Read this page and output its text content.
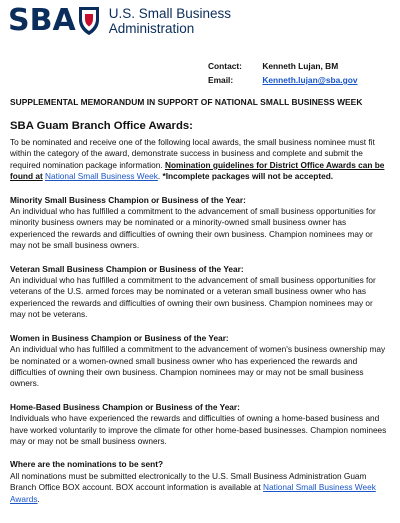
SBA U.S. Small Business
Administration
Contact: Kenneth Lujan, BM
Email:	Kenneth.lujan@sba.gov
SUPPLEMENTAL MEMORANDUM IN SUPPORT OF NATIONAL SMALL BUSINESS WEEK
SBA Guam Branch Office Awards:

To be nominated and receive one of the following local awards, the small business nominee must fit within the category of the award, demonstrate success in business and complete and submit the required nomination package information. Nomination guidelines for District Office Awards can be found at National Small Business Week. *Incomplete packages will not be accepted.

Minority Small Business Champion or Business of the Year:

An individual who has fulfilled a commitment to the advancement of small business opportunities for minority business owners may be nominated or a minority-owned small business owner has experienced the rewards and difficulties of owning their own business. Champion nominees may or may not be small business owners.

Veteran Small Business Champion or Business of the Year:

An individual who has fulfilled a commitment to the advancement of small business opportunities for veterans of the U.S. armed forces may be nominated or a veteran small business owner who has experienced the rewards and difficulties of owning their own business. Champion nominees may or may not be veterans.

Women in Business Champion or Business of the Year:

An individual who has fulfilled a commitment to the advancement of women's business ownership may be nominated or a women-owned small business owner who has experienced the rewards and difficulties of owning their own business. Champion nominees may or may not be small business owners.

Home-Based Business Champion or Business of the Year:

Individuals who have experienced the rewards and difficulties of owning a home-based business and have worked voluntarily to improve the climate for other home-based businesses. Champion nominees may or may not be small business owners.

Where are the nominations to be sent?

All nominations must be submitted electronically to the U.S. Small Business Administration Guam Branch Office BOX account. BOX account information is available at National Small Business Week Awards.
